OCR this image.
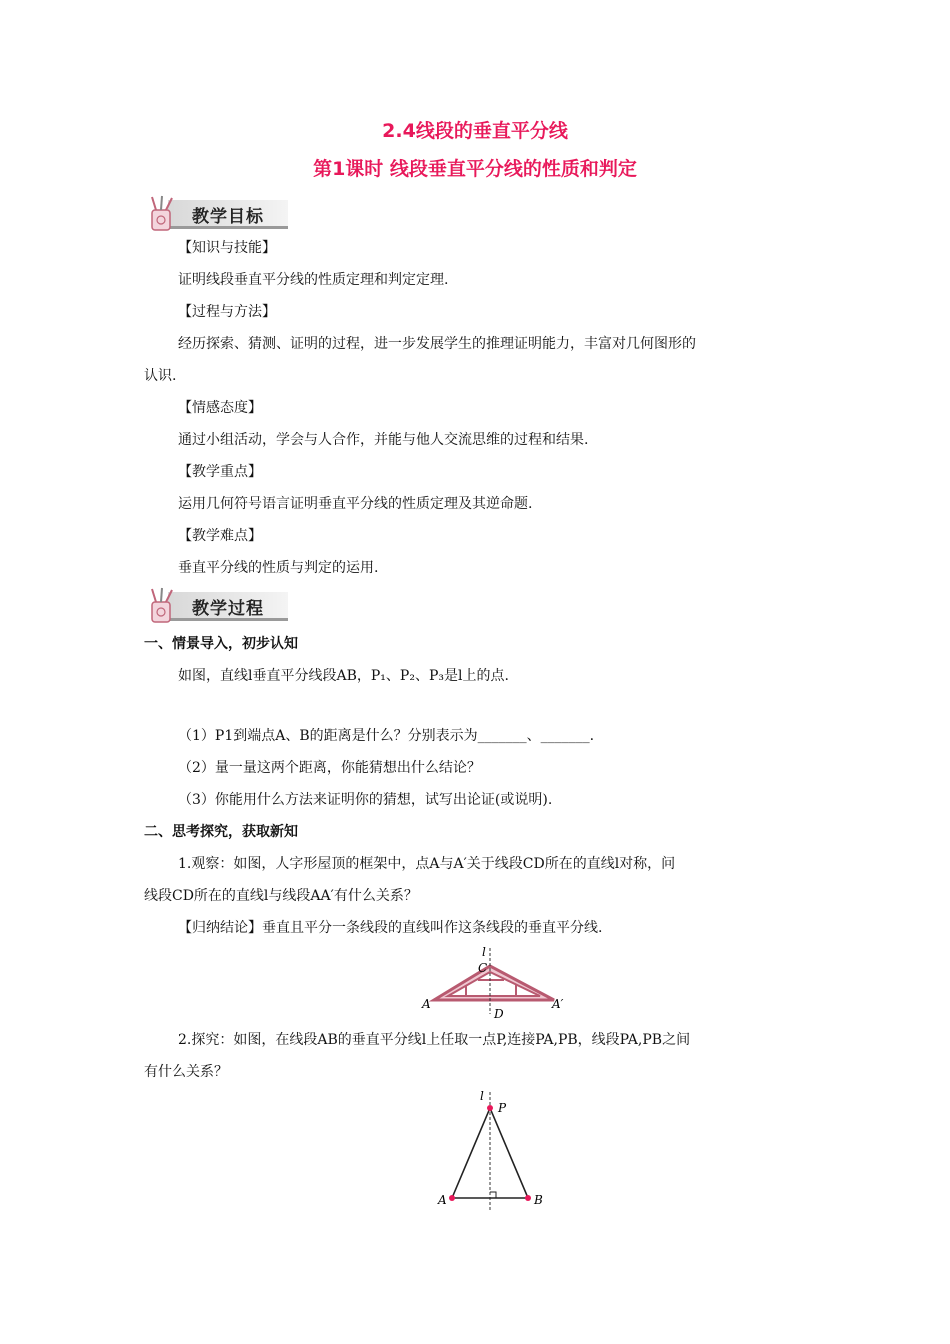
2.4线段的垂直平分线
第1课时 线段垂直平分线的性质和判定
教学目标
【知识与技能】
证明线段垂直平分线的性质定理和判定定理.
【过程与方法】
经历探索、猜测、证明的过程，进一步发展学生的推理证明能力，丰富对几何图形的
认识.
【情感态度】
通过小组活动，学会与人合作，并能与他人交流思维的过程和结果.
【教学重点】
运用几何符号语言证明垂直平分线的性质定理及其逆命题.
【教学难点】
垂直平分线的性质与判定的运用.
教学过程
一、情景导入，初步认知
如图，直线l垂直平分线段AB，P₁、P₂、P₃是l上的点.
（1）P1到端点A、B的距离是什么？分别表示为_______、_______.
（2）量一量这两个距离，你能猜想出什么结论？
（3）你能用什么方法来证明你的猜想，试写出论证(或说明).
二、思考探究，获取新知
1.观察：如图，人字形屋顶的框架中，点A与A′关于线段CD所在的直线l对称，问
线段CD所在的直线l与线段AA′有什么关系？
【归纳结论】垂直且平分一条线段的直线叫作这条线段的垂直平分线.
l
C
A	A′
D
2.探究：如图，在线段AB的垂直平分线l上任取一点P,连接PA,PB，线段PA,PB之间
有什么关系？
l
P
A	B
